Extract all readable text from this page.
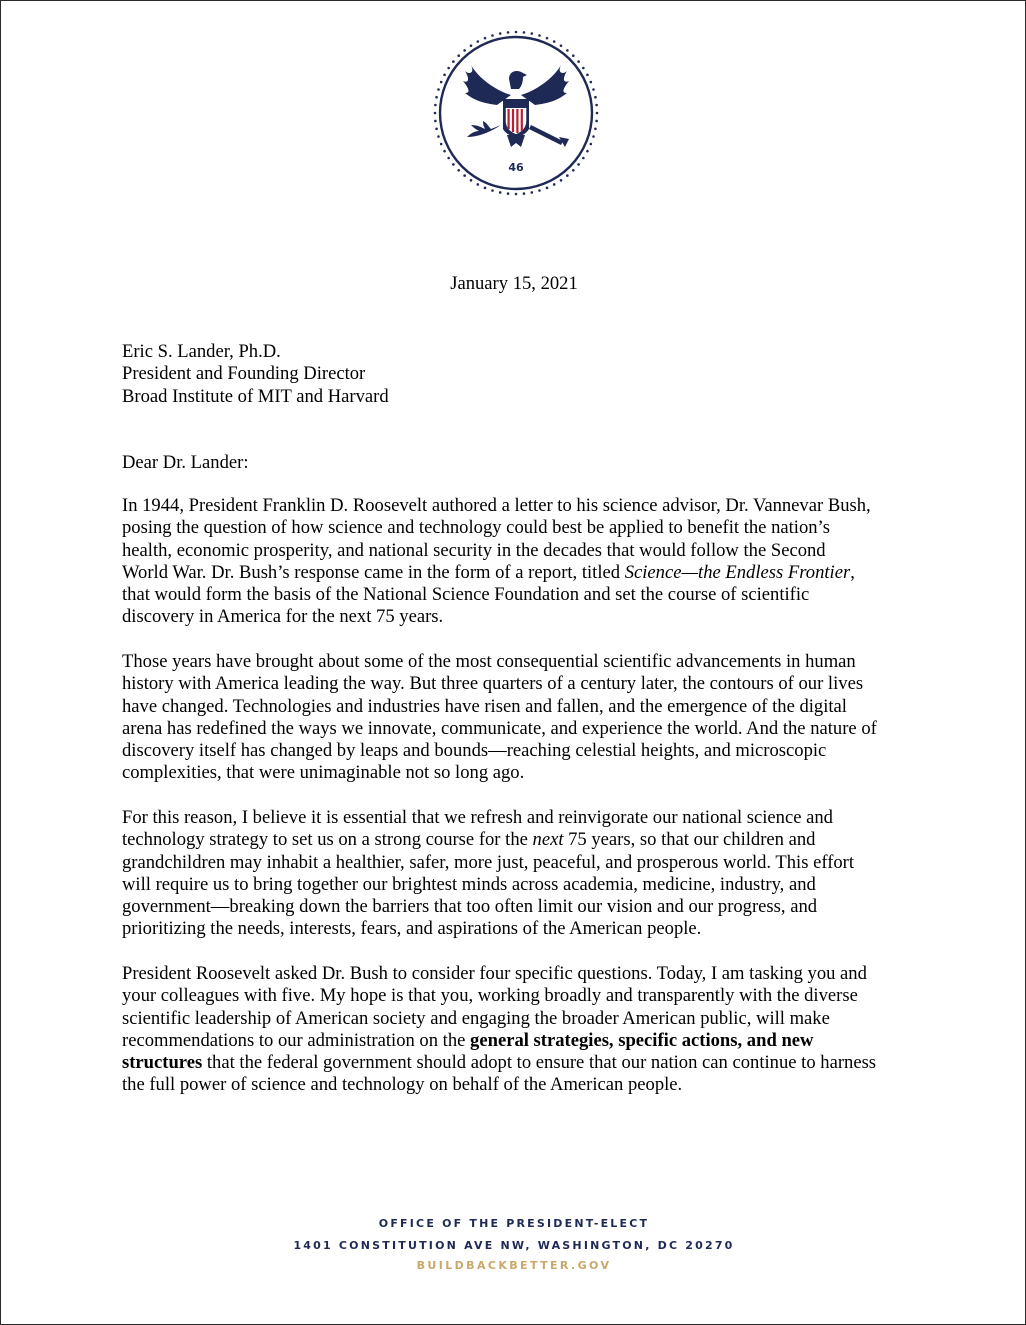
46
January 15, 2021
Eric S. Lander, Ph.D.
President and Founding Director
Broad Institute of MIT and Harvard
Dear Dr. Lander:
In 1944, President Franklin D. Roosevelt authored a letter to his science advisor, Dr. Vannevar Bush,
posing the question of how science and technology could best be applied to benefit the nation’s
health, economic prosperity, and national security in the decades that would follow the Second
World War. Dr. Bush’s response came in the form of a report, titled Science—the Endless Frontier,
that would form the basis of the National Science Foundation and set the course of scientific
discovery in America for the next 75 years.
Those years have brought about some of the most consequential scientific advancements in human
history with America leading the way. But three quarters of a century later, the contours of our lives
have changed. Technologies and industries have risen and fallen, and the emergence of the digital
arena has redefined the ways we innovate, communicate, and experience the world. And the nature of
discovery itself has changed by leaps and bounds—reaching celestial heights, and microscopic
complexities, that were unimaginable not so long ago.
For this reason, I believe it is essential that we refresh and reinvigorate our national science and
technology strategy to set us on a strong course for the next 75 years, so that our children and
grandchildren may inhabit a healthier, safer, more just, peaceful, and prosperous world. This effort
will require us to bring together our brightest minds across academia, medicine, industry, and
government—breaking down the barriers that too often limit our vision and our progress, and
prioritizing the needs, interests, fears, and aspirations of the American people.
President Roosevelt asked Dr. Bush to consider four specific questions. Today, I am tasking you and
your colleagues with five. My hope is that you, working broadly and transparently with the diverse
scientific leadership of American society and engaging the broader American public, will make
recommendations to our administration on the general strategies, specific actions, and new
structures that the federal government should adopt to ensure that our nation can continue to harness
the full power of science and technology on behalf of the American people.
OFFICE OF THE PRESIDENT-ELECT
1401 CONSTITUTION AVE NW, WASHINGTON, DC 20270
BUILDBACKBETTER.GOV
